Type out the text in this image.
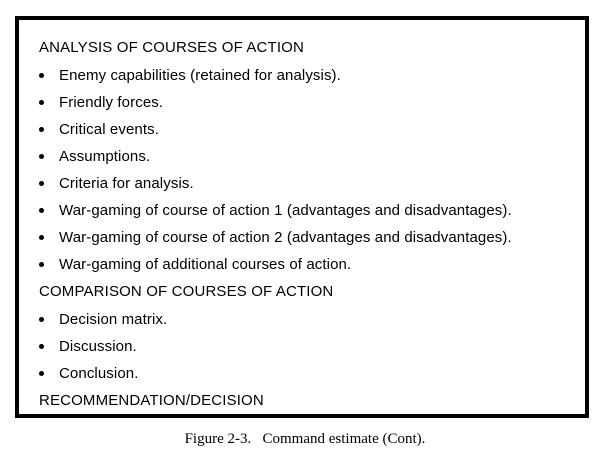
ANALYSIS OF COURSES OF ACTION
Enemy capabilities (retained for analysis).
Friendly forces.
Critical events.
Assumptions.
Criteria for analysis.
War-gaming of course of action 1 (advantages and disadvantages).
War-gaming of course of action 2 (advantages and disadvantages).
War-gaming of additional courses of action.
COMPARISON OF COURSES OF ACTION
Decision matrix.
Discussion.
Conclusion.
RECOMMENDATION/DECISION
Figure 2-3.   Command estimate (Cont).
